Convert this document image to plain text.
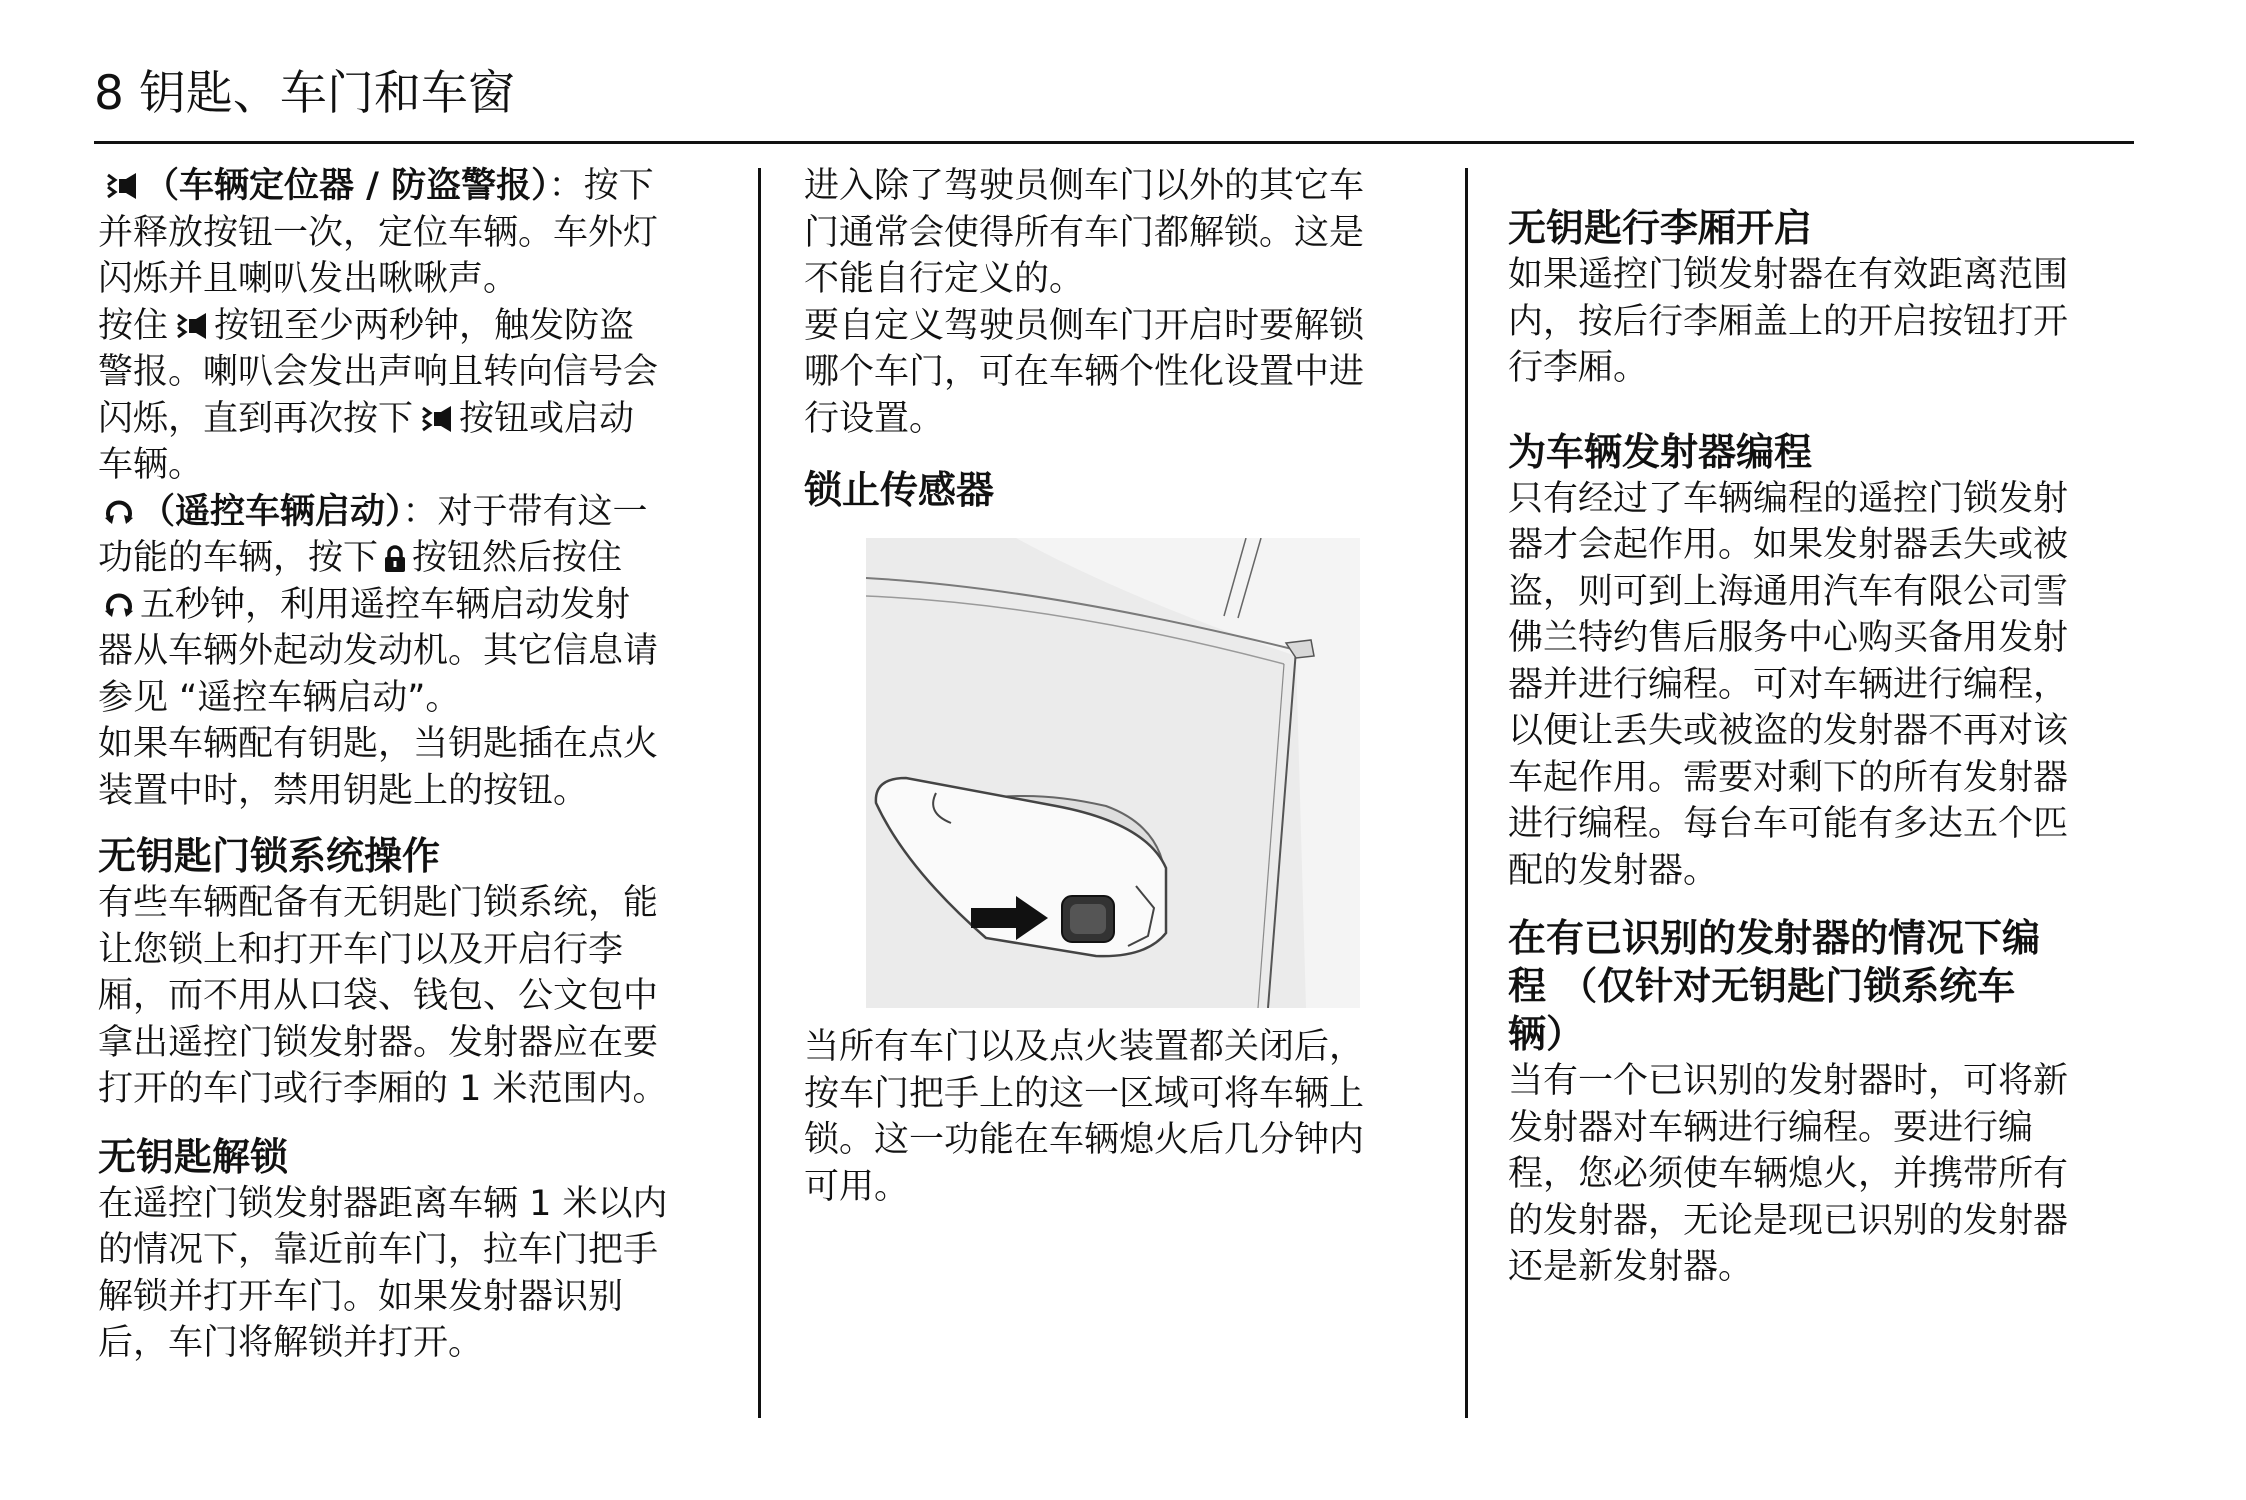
8 钥匙、车门和车窗

（车辆定位器 / 防盗警报）：按下
并释放按钮一次，定位车辆。车外灯
闪烁并且喇叭发出啾啾声。

按住 按钮至少两秒钟，触发防盗
警报。喇叭会发出声响且转向信号会
闪烁，直到再次按下 按钮或启动
车辆。

（遥控车辆启动）：对于带有这一
功能的车辆，按下 按钮然后按住

五秒钟，利用遥控车辆启动发射
器从车辆外起动发动机。其它信息请
参见 “遥控车辆启动”。

如果车辆配有钥匙，当钥匙插在点火
装置中时，禁用钥匙上的按钮。

无钥匙门锁系统操作

有些车辆配备有无钥匙门锁系统，能
让您锁上和打开车门以及开启行李
厢，而不用从口袋、钱包、公文包中
拿出遥控门锁发射器。发射器应在要
打开的车门或行李厢的 1 米范围内。

无钥匙解锁

在遥控门锁发射器距离车辆 1 米以内
的情况下，靠近前车门，拉车门把手
解锁并打开车门。如果发射器识别
后，车门将解锁并打开。

进入除了驾驶员侧车门以外的其它车
门通常会使得所有车门都解锁。这是
不能自行定义的。

要自定义驾驶员侧车门开启时要解锁
哪个车门，可在车辆个性化设置中进
行设置。

锁止传感器

当所有车门以及点火装置都关闭后，
按车门把手上的这一区域可将车辆上
锁。这一功能在车辆熄火后几分钟内
可用。

无钥匙行李厢开启

如果遥控门锁发射器在有效距离范围
内，按后行李厢盖上的开启按钮打开
行李厢。

为车辆发射器编程

只有经过了车辆编程的遥控门锁发射
器才会起作用。如果发射器丢失或被
盗，则可到上海通用汽车有限公司雪
佛兰特约售后服务中心购买备用发射
器并进行编程。可对车辆进行编程，
以便让丢失或被盗的发射器不再对该
车起作用。需要对剩下的所有发射器
进行编程。每台车可能有多达五个匹
配的发射器。

在有已识别的发射器的情况下编
程 （仅针对无钥匙门锁系统车
辆）

当有一个已识别的发射器时，可将新
发射器对车辆进行编程。要进行编
程，您必须使车辆熄火，并携带所有
的发射器，无论是现已识别的发射器
还是新发射器。
